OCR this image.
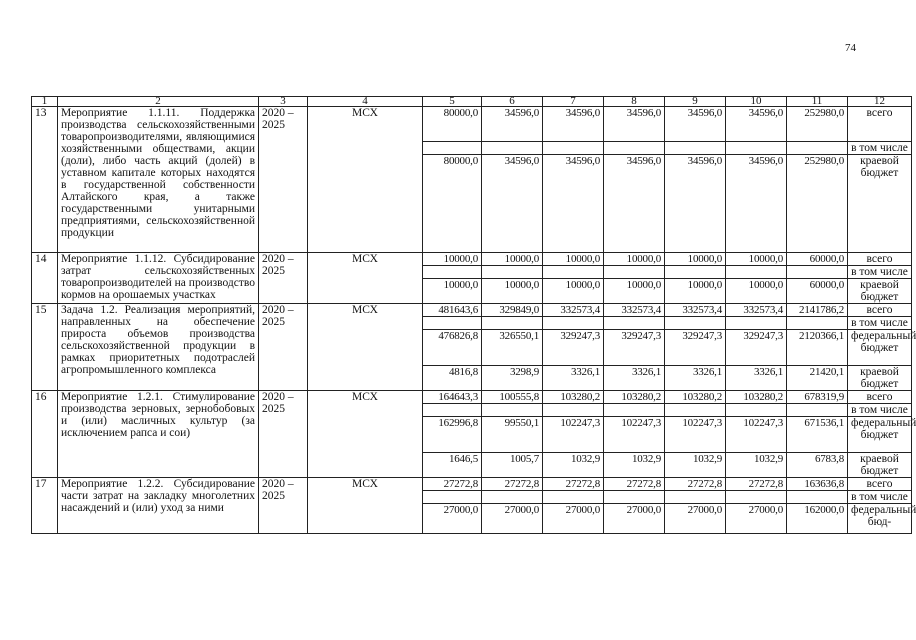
74
1	2	3	4	5	6	7	8	9	10	11	12
13	Мероприятие 1.1.11. Поддержка производства сельскохозяйственными товаропроизводителями, являющимися хозяйственными обществами, акции (доли), либо часть акций (долей) в уставном капитале которых находятся в государственной собственности Алтайского края, а также государственными унитарными предприятиями, сельскохозяйственной продукции	2020 – 2025	МСХ	80000,0	34596,0	34596,0	34596,0	34596,0	34596,0	252980,0	всего
											в том числе
				80000,0	34596,0	34596,0	34596,0	34596,0	34596,0	252980,0	краевой бюджет
14	Мероприятие 1.1.12. Субсидирование затрат сельскохозяйственных товаропроизводителей на производство кормов на орошаемых участках	2020 – 2025	МСХ	10000,0	10000,0	10000,0	10000,0	10000,0	10000,0	60000,0	всего
											в том числе
				10000,0	10000,0	10000,0	10000,0	10000,0	10000,0	60000,0	краевой бюджет
15	Задача 1.2. Реализация мероприятий, направленных на обеспечение прироста объемов производства сельскохозяйственной продукции в рамках приоритетных подотраслей агропромышленного комплекса	2020 – 2025	МСХ	481643,6	329849,0	332573,4	332573,4	332573,4	332573,4	2141786,2	всего
											в том числе
				476826,8	326550,1	329247,3	329247,3	329247,3	329247,3	2120366,1	федеральный бюджет
				4816,8	3298,9	3326,1	3326,1	3326,1	3326,1	21420,1	краевой бюджет
16	Мероприятие 1.2.1. Стимулирование производства зерновых, зернобобовых и (или) масличных культур (за исключением рапса и сои)	2020 – 2025	МСХ	164643,3	100555,8	103280,2	103280,2	103280,2	103280,2	678319,9	всего
											в том числе
				162996,8	99550,1	102247,3	102247,3	102247,3	102247,3	671536,1	федеральный бюджет
				1646,5	1005,7	1032,9	1032,9	1032,9	1032,9	6783,8	краевой бюджет
17	Мероприятие 1.2.2. Субсидирование части затрат на закладку многолетних насаждений и (или) уход за ними	2020 – 2025	МСХ	27272,8	27272,8	27272,8	27272,8	27272,8	27272,8	163636,8	всего
											в том числе
				27000,0	27000,0	27000,0	27000,0	27000,0	27000,0	162000,0	федеральный бюд-
